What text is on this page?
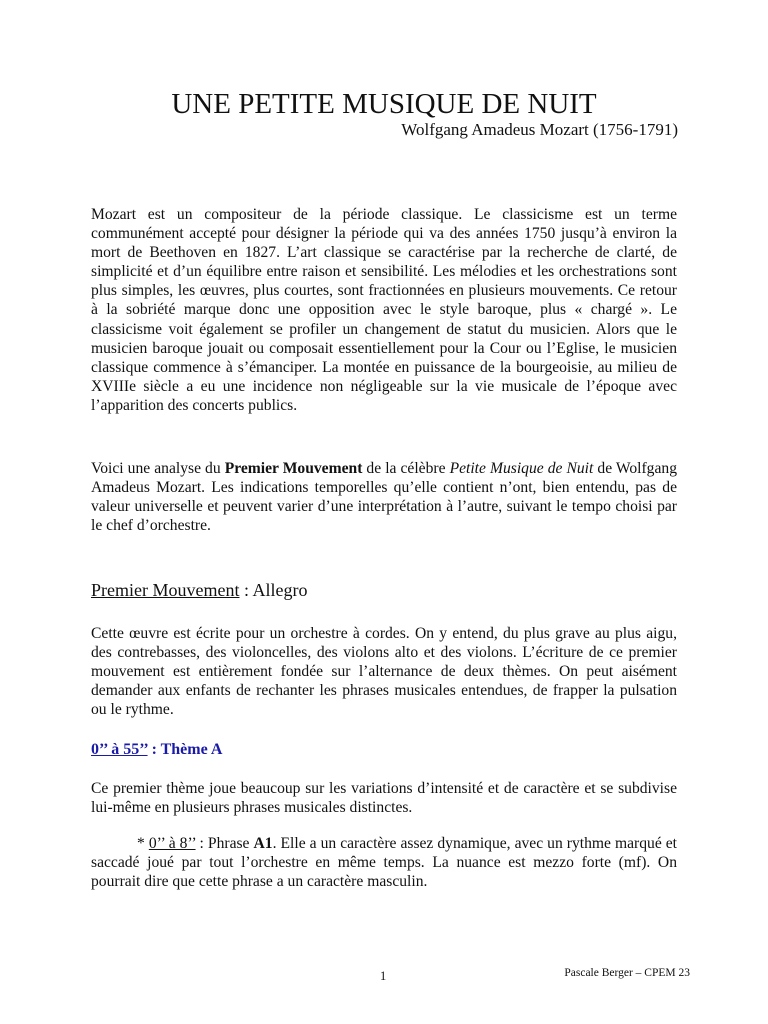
UNE PETITE MUSIQUE DE NUIT
Wolfgang Amadeus Mozart (1756-1791)

Mozart est un compositeur de la période classique. Le classicisme est un terme communément accepté pour désigner la période qui va des années 1750 jusqu’à environ la mort de Beethoven en 1827. L’art classique se caractérise par la recherche de clarté, de simplicité et d’un équilibre entre raison et sensibilité. Les mélodies et les orchestrations sont plus simples, les œuvres, plus courtes, sont fractionnées en plusieurs mouvements. Ce retour à la sobriété marque donc une opposition avec le style baroque, plus « chargé ». Le classicisme voit également se profiler un changement de statut du musicien. Alors que le musicien baroque jouait ou composait essentiellement pour la Cour ou l’Eglise, le musicien classique commence à s’émanciper. La montée en puissance de la bourgeoisie, au milieu de XVIIIe siècle a eu une incidence non négligeable sur la vie musicale de l’époque avec l’apparition des concerts publics.

Voici une analyse du Premier Mouvement de la célèbre Petite Musique de Nuit de Wolfgang Amadeus Mozart. Les indications temporelles qu’elle contient n’ont, bien entendu, pas de valeur universelle et peuvent varier d’une interprétation à l’autre, suivant le tempo choisi par le chef d’orchestre.

Premier Mouvement : Allegro

Cette œuvre est écrite pour un orchestre à cordes. On y entend, du plus grave au plus aigu, des contrebasses, des violoncelles, des violons alto et des violons. L’écriture de ce premier mouvement est entièrement fondée sur l’alternance de deux thèmes. On peut aisément demander aux enfants de rechanter les phrases musicales entendues, de frapper la pulsation ou le rythme.

0’’ à 55’’ : Thème A

Ce premier thème joue beaucoup sur les variations d’intensité et de caractère et se subdivise lui-même en plusieurs phrases musicales distinctes.

* 0’’ à 8’’ : Phrase A1. Elle a un caractère assez dynamique, avec un rythme marqué et saccadé joué par tout l’orchestre en même temps. La nuance est mezzo forte (mf). On pourrait dire que cette phrase a un caractère masculin.

1	Pascale Berger – CPEM 23
